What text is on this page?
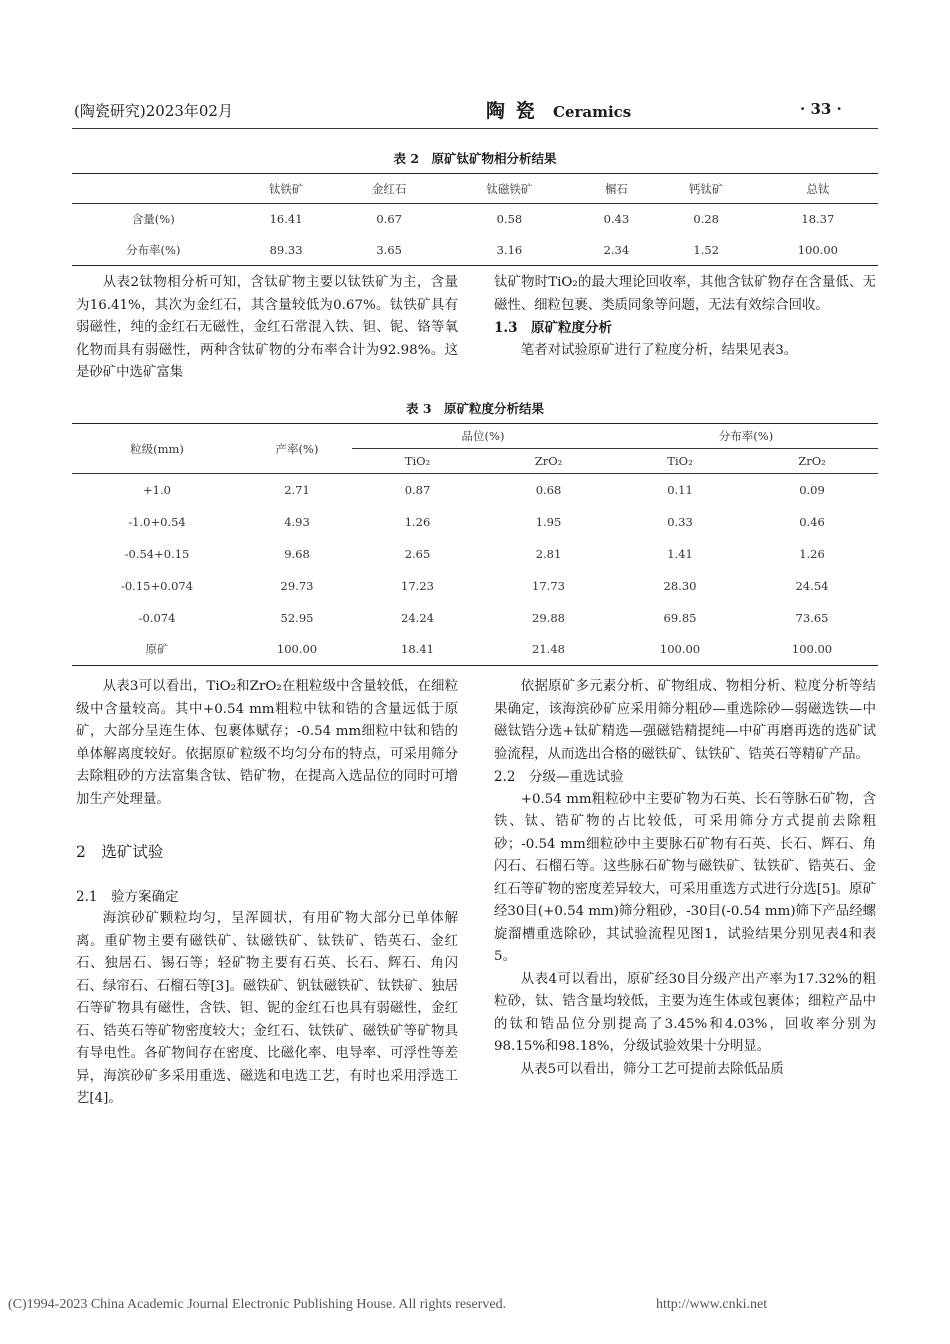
(陶瓷研究)2023年02月	陶 瓷 Ceramics	· 33 ·
表 2　原矿钛矿物相分析结果
	钛铁矿	金红石	钛磁铁矿	榍石	钙钛矿	总钛
含量(%)	16.41	0.67	0.58	0.43	0.28	18.37
分布率(%)	89.33	3.65	3.16	2.34	1.52	100.00

从表2钛物相分析可知，含钛矿物主要以钛铁矿为主，含量为16.41%，其次为金红石，其含量较低为0.67%。钛铁矿具有弱磁性，纯的金红石无磁性，金红石常混入铁、钽、铌、铬等氧化物而具有弱磁性，两种含钛矿物的分布率合计为92.98%。这是砂矿中选矿富集

钛矿物时TiO₂的最大理论回收率，其他含钛矿物存在含量低、无磁性、细粒包裹、类质同象等问题，无法有效综合回收。

1.3　原矿粒度分析

笔者对试验原矿进行了粒度分析，结果见表3。

表 3　原矿粒度分析结果
粒级(mm)	产率(%)	品位(%)		分布率(%)	
		TiO₂	ZrO₂	TiO₂	ZrO₂
+1.0	2.71	0.87	0.68	0.11	0.09
-1.0+0.54	4.93	1.26	1.95	0.33	0.46
-0.54+0.15	9.68	2.65	2.81	1.41	1.26
-0.15+0.074	29.73	17.23	17.73	28.30	24.54
-0.074	52.95	24.24	29.88	69.85	73.65
原矿	100.00	18.41	21.48	100.00	100.00

从表3可以看出，TiO₂和ZrO₂在粗粒级中含量较低，在细粒级中含量较高。其中+0.54 mm粗粒中钛和锆的含量远低于原矿，大部分呈连生体、包裹体赋存；-0.54 mm细粒中钛和锆的单体解离度较好。依据原矿粒级不均匀分布的特点，可采用筛分去除粗砂的方法富集含钛、锆矿物，在提高入选品位的同时可增加生产处理量。

2　选矿试验

2.1　验方案确定

海滨砂矿颗粒均匀，呈浑圆状，有用矿物大部分已单体解离。重矿物主要有磁铁矿、钛磁铁矿、钛铁矿、锆英石、金红石、独居石、锡石等；轻矿物主要有石英、长石、辉石、角闪石、绿帘石、石榴石等[3]。磁铁矿、钒钛磁铁矿、钛铁矿、独居石等矿物具有磁性，含铁、钽、铌的金红石也具有弱磁性，金红石、锆英石等矿物密度较大；金红石、钛铁矿、磁铁矿等矿物具有导电性。各矿物间存在密度、比磁化率、电导率、可浮性等差异，海滨砂矿多采用重选、磁选和电选工艺，有时也采用浮选工艺[4]。

依据原矿多元素分析、矿物组成、物相分析、粒度分析等结果确定，该海滨砂矿应采用筛分粗砂—重选除砂—弱磁选铁—中磁钛锆分选+钛矿精选—强磁锆精提纯—中矿再磨再选的选矿试验流程，从而选出合格的磁铁矿、钛铁矿、锆英石等精矿产品。

2.2　分级—重选试验

+0.54 mm粗粒砂中主要矿物为石英、长石等脉石矿物，含铁、钛、锆矿物的占比较低，可采用筛分方式提前去除粗砂；-0.54 mm细粒砂中主要脉石矿物有石英、长石、辉石、角闪石、石榴石等。这些脉石矿物与磁铁矿、钛铁矿、锆英石、金红石等矿物的密度差异较大，可采用重选方式进行分选[5]。原矿经30目(+0.54 mm)筛分粗砂，-30目(-0.54 mm)筛下产品经螺旋溜槽重选除砂，其试验流程见图1，试验结果分别见表4和表5。

从表4可以看出，原矿经30目分级产出产率为17.32%的粗粒砂，钛、锆含量均较低，主要为连生体或包裹体；细粒产品中的钛和锆品位分别提高了3.45%和4.03%，回收率分别为98.15%和98.18%，分级试验效果十分明显。

从表5可以看出，筛分工艺可提前去除低品质

(C)1994-2023 China Academic Journal Electronic Publishing House. All rights reserved.	http://www.cnki.net
